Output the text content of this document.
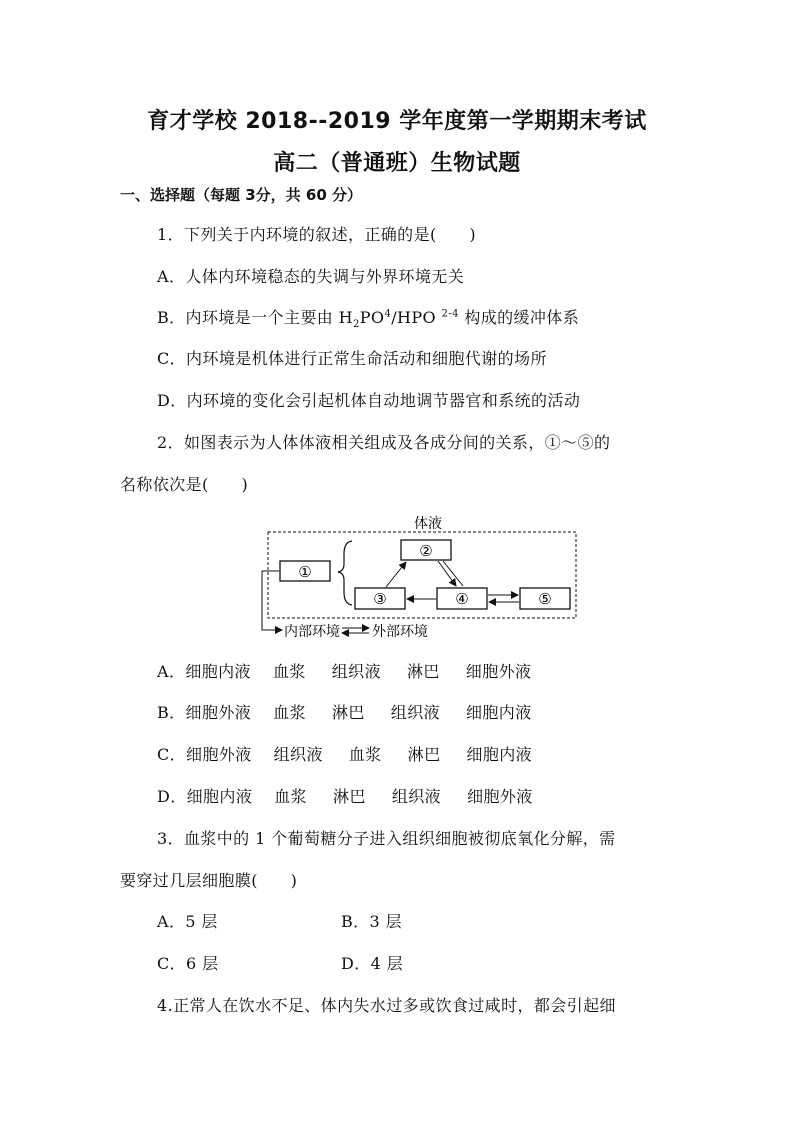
育才学校 2018--2019 学年度第一学期期末考试
高二（普通班）生物试题
一、选择题（每题 3分，共 60 分）
1．下列关于内环境的叙述，正确的是(　　)
A．人体内环境稳态的失调与外界环境无关
B．内环境是一个主要由 $H_2PO^4$/HPO $^{2-4}$ 构成的缓冲体系
C．内环境是机体进行正常生命活动和细胞代谢的场所
D．内环境的变化会引起机体自动地调节器官和系统的活动
2．如图表示为人体体液相关组成及各成分间的关系，①～⑤的
名称依次是(　　)
体液
①
②
③	④	⑤
内部环境 外部环境
A．细胞内液 血浆 组织液 淋巴 细胞外液
B．细胞外液 血浆 淋巴 组织液 细胞内液
C．细胞外液 组织液 血浆 淋巴 细胞内液
D．细胞内液 血浆 淋巴 组织液 细胞外液
3．血浆中的 1 个葡萄糖分子进入组织细胞被彻底氧化分解，需
要穿过几层细胞膜(　　)
A．5 层	B．3 层
C．6 层	D．4 层
4.正常人在饮水不足、体内失水过多或饮食过咸时，都会引起细
